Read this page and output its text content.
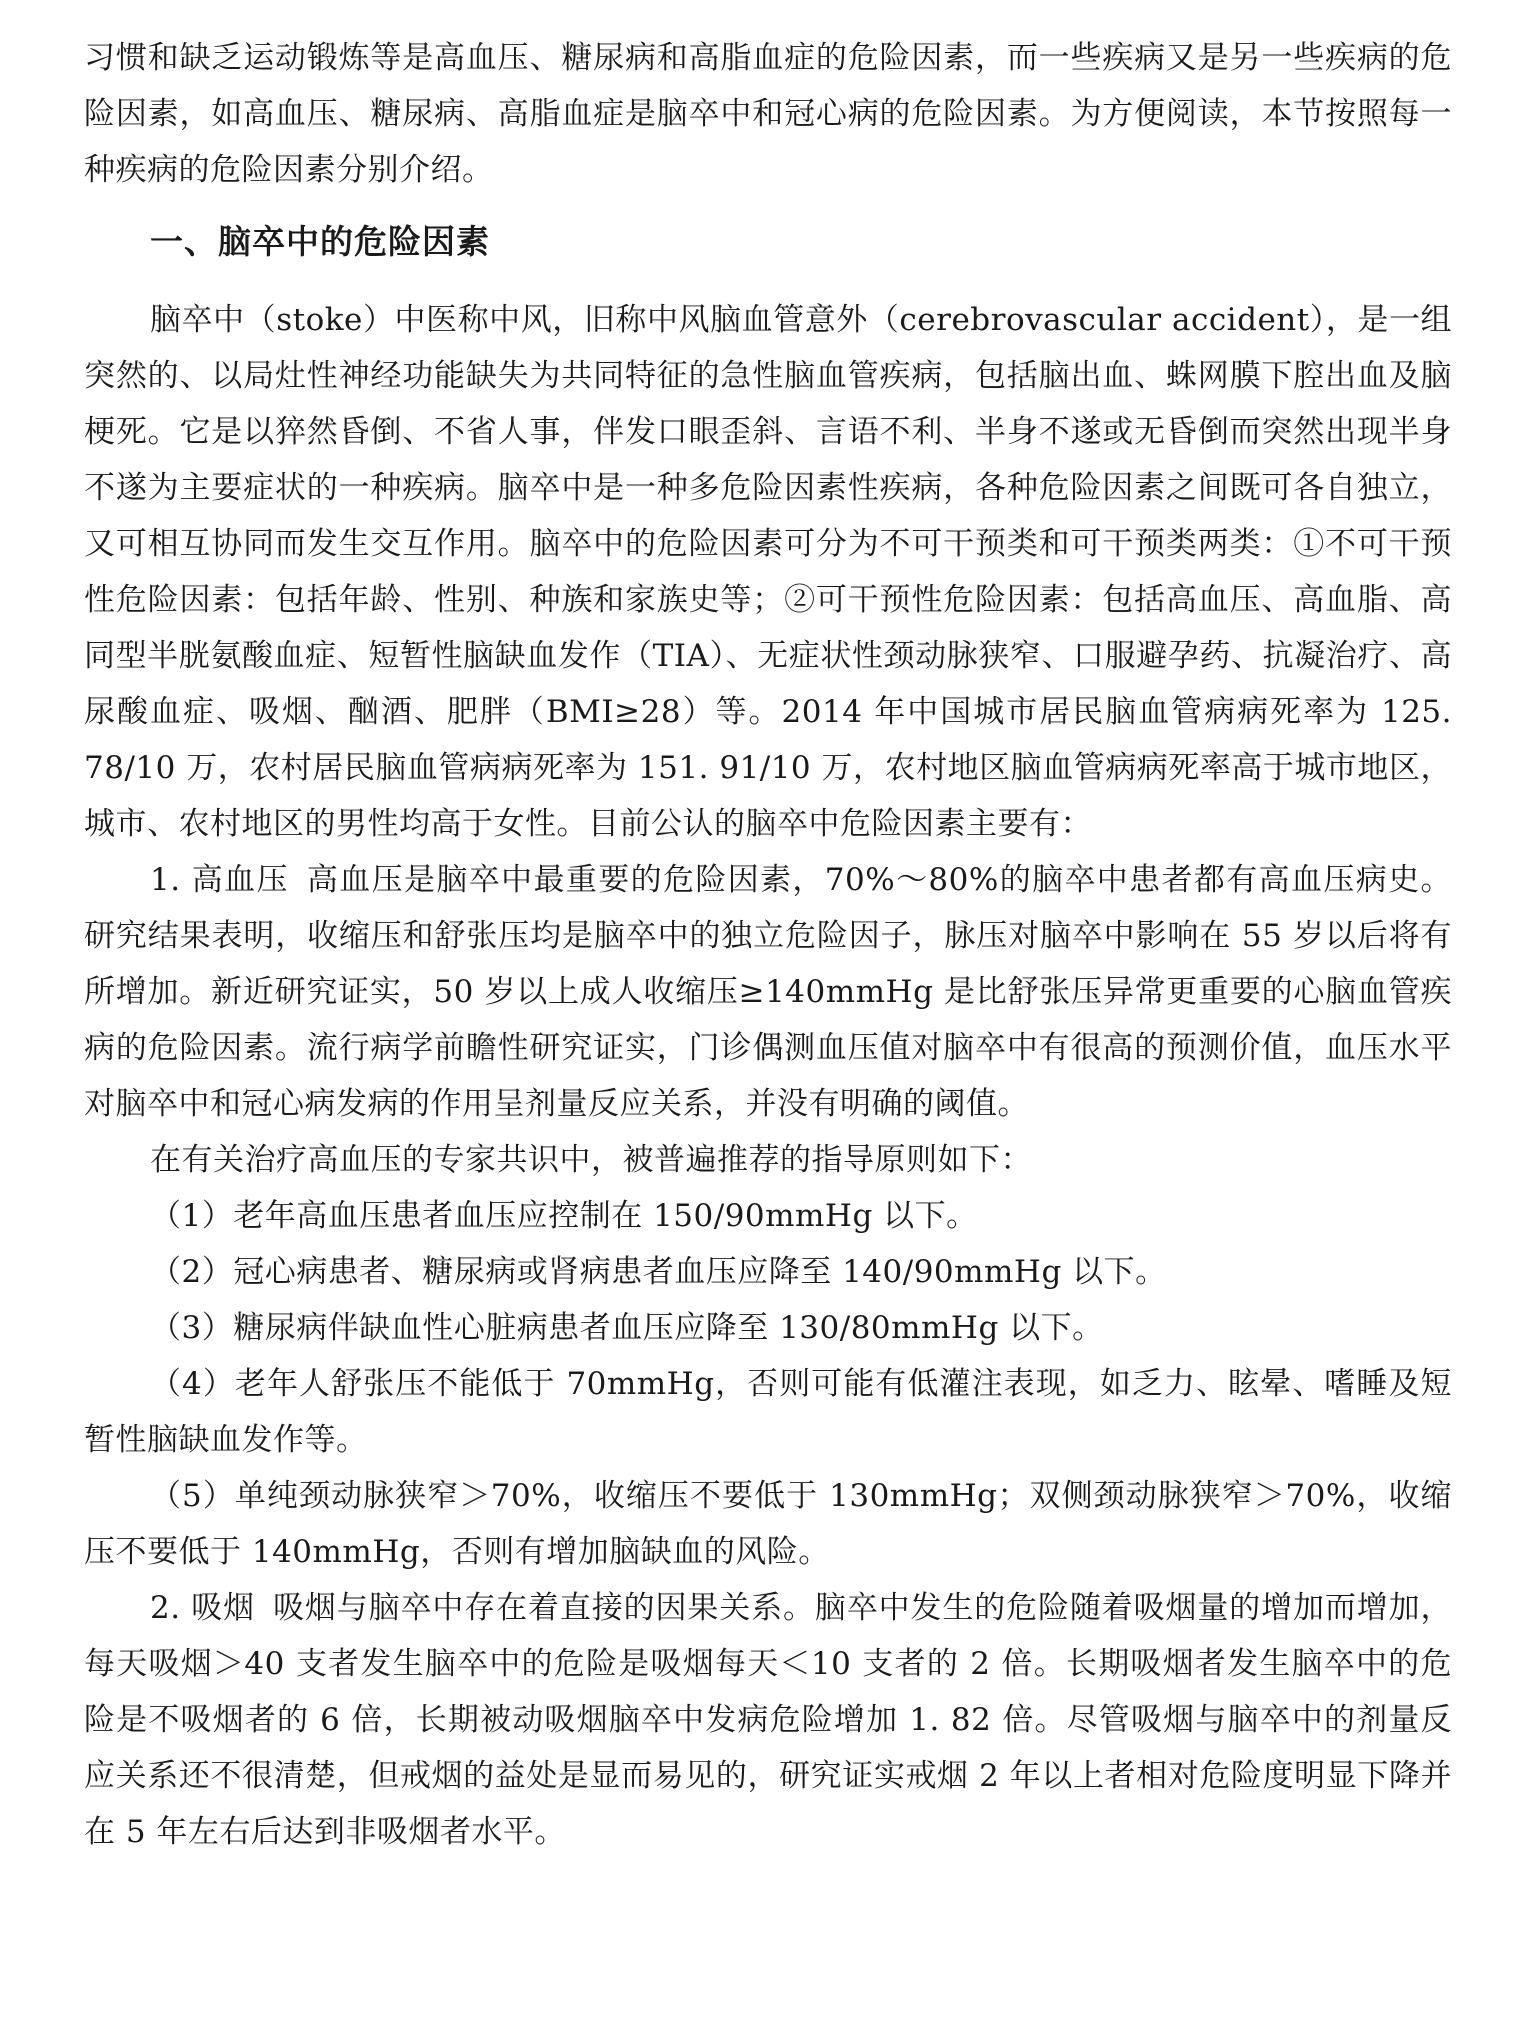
习惯和缺乏运动锻炼等是高血压、糖尿病和高脂血症的危险因素，而一些疾病又是另一些疾病的危险因素，如高血压、糖尿病、高脂血症是脑卒中和冠心病的危险因素。为方便阅读，本节按照每一种疾病的危险因素分别介绍。

一、脑卒中的危险因素

脑卒中（stoke）中医称中风，旧称中风脑血管意外（cerebrovascular accident），是一组突然的、以局灶性神经功能缺失为共同特征的急性脑血管疾病，包括脑出血、蛛网膜下腔出血及脑梗死。它是以猝然昏倒、不省人事，伴发口眼歪斜、言语不利、半身不遂或无昏倒而突然出现半身不遂为主要症状的一种疾病。脑卒中是一种多危险因素性疾病，各种危险因素之间既可各自独立，又可相互协同而发生交互作用。脑卒中的危险因素可分为不可干预类和可干预类两类：①不可干预性危险因素：包括年龄、性别、种族和家族史等；②可干预性危险因素：包括高血压、高血脂、高同型半胱氨酸血症、短暂性脑缺血发作（TIA）、无症状性颈动脉狭窄、口服避孕药、抗凝治疗、高尿酸血症、吸烟、酗酒、肥胖（BMI≥28）等。2014 年中国城市居民脑血管病病死率为 125. 78/10 万，农村居民脑血管病病死率为 151. 91/10 万，农村地区脑血管病病死率高于城市地区，城市、农村地区的男性均高于女性。目前公认的脑卒中危险因素主要有：

1. 高血压 高血压是脑卒中最重要的危险因素，70%～80%的脑卒中患者都有高血压病史。研究结果表明，收缩压和舒张压均是脑卒中的独立危险因子，脉压对脑卒中影响在 55 岁以后将有所增加。新近研究证实，50 岁以上成人收缩压≥140mmHg 是比舒张压异常更重要的心脑血管疾病的危险因素。流行病学前瞻性研究证实，门诊偶测血压值对脑卒中有很高的预测价值，血压水平对脑卒中和冠心病发病的作用呈剂量反应关系，并没有明确的阈值。

在有关治疗高血压的专家共识中，被普遍推荐的指导原则如下：

（1）老年高血压患者血压应控制在 150/90mmHg 以下。

（2）冠心病患者、糖尿病或肾病患者血压应降至 140/90mmHg 以下。

（3）糖尿病伴缺血性心脏病患者血压应降至 130/80mmHg 以下。

（4）老年人舒张压不能低于 70mmHg，否则可能有低灌注表现，如乏力、眩晕、嗜睡及短暂性脑缺血发作等。

（5）单纯颈动脉狭窄＞70%，收缩压不要低于 130mmHg；双侧颈动脉狭窄＞70%，收缩压不要低于 140mmHg，否则有增加脑缺血的风险。

2. 吸烟 吸烟与脑卒中存在着直接的因果关系。脑卒中发生的危险随着吸烟量的增加而增加，每天吸烟＞40 支者发生脑卒中的危险是吸烟每天＜10 支者的 2 倍。长期吸烟者发生脑卒中的危险是不吸烟者的 6 倍，长期被动吸烟脑卒中发病危险增加 1. 82 倍。尽管吸烟与脑卒中的剂量反应关系还不很清楚，但戒烟的益处是显而易见的，研究证实戒烟 2 年以上者相对危险度明显下降并在 5 年左右后达到非吸烟者水平。
